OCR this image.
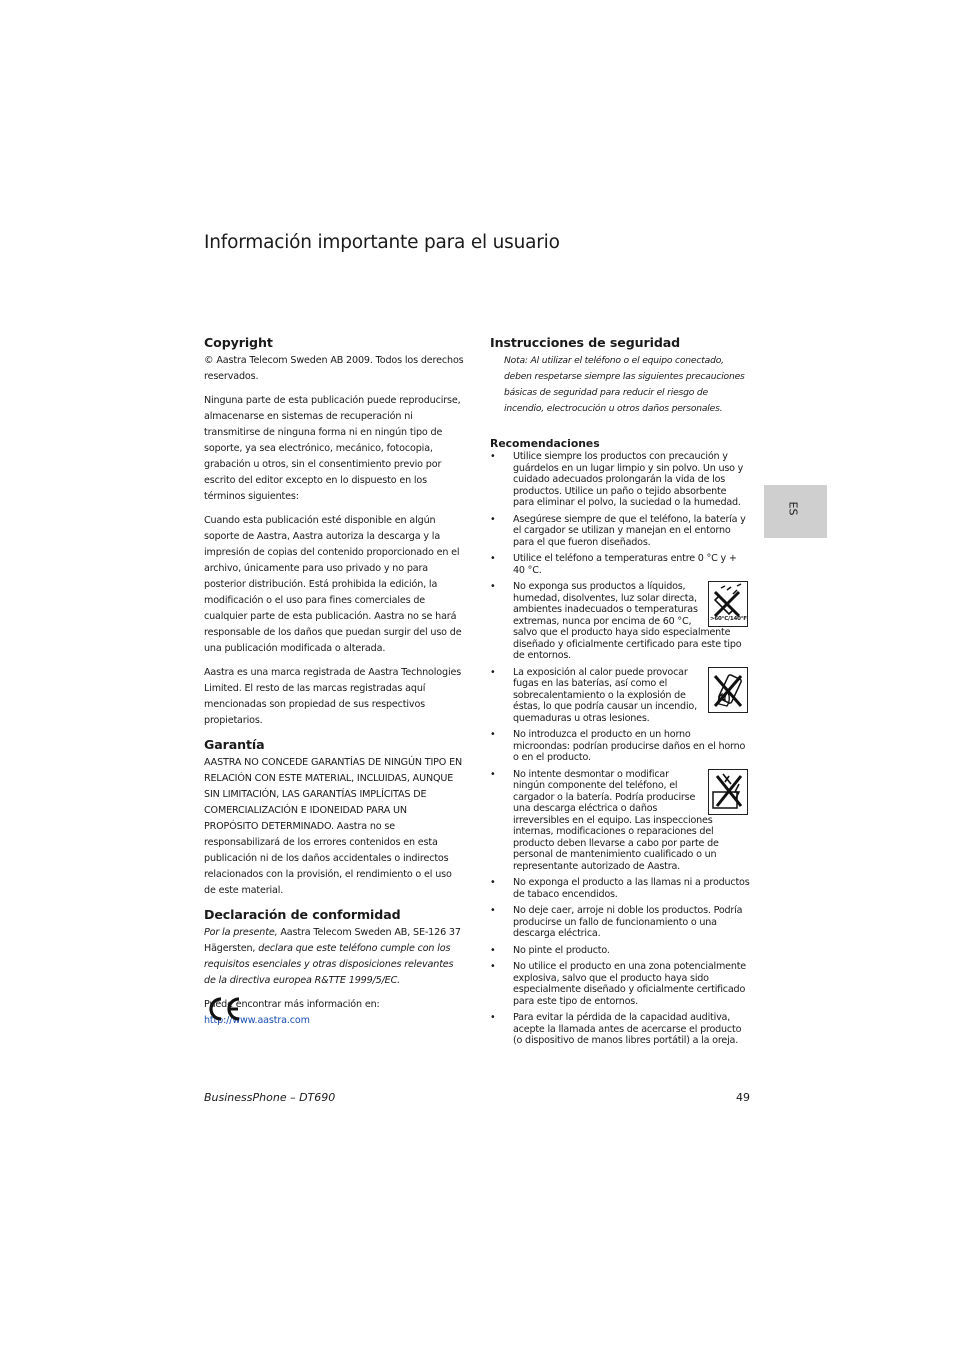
Información importante para el usuario
ES
Copyright

© Aastra Telecom Sweden AB 2009. Todos los derechos reservados.

Ninguna parte de esta publicación puede reproducirse, almacenarse en sistemas de recuperación ni transmitirse de ninguna forma ni en ningún tipo de soporte, ya sea electrónico, mecánico, fotocopia, grabación u otros, sin el consentimiento previo por escrito del editor excepto en lo dispuesto en los términos siguientes:

Cuando esta publicación esté disponible en algún soporte de Aastra, Aastra autoriza la descarga y la impresión de copias del contenido proporcionado en el archivo, únicamente para uso privado y no para posterior distribución. Está prohibida la edición, la modificación o el uso para fines comerciales de cualquier parte de esta publicación. Aastra no se hará responsable de los daños que puedan surgir del uso de una publicación modificada o alterada.

Aastra es una marca registrada de Aastra Technologies Limited. El resto de las marcas registradas aquí mencionadas son propiedad de sus respectivos propietarios.

Garantía

AASTRA NO CONCEDE GARANTÍAS DE NINGÚN TIPO EN RELACIÓN CON ESTE MATERIAL, INCLUIDAS, AUNQUE SIN LIMITACIÓN, LAS GARANTÍAS IMPLÍCITAS DE COMERCIALIZACIÓN E IDONEIDAD PARA UN PROPÓSITO DETERMINADO. Aastra no se responsabilizará de los errores contenidos en esta publicación ni de los daños accidentales o indirectos relacionados con la provisión, el rendimiento o el uso de este material.

Declaración de conformidad

Por la presente, Aastra Telecom Sweden AB, SE-126 37 Hägersten, declara que este teléfono cumple con los requisitos esenciales y otras disposiciones relevantes de la directiva europea R&TTE 1999/5/EC.

Puede encontrar más información en:
http://www.aastra.com

Instrucciones de seguridad

Nota: Al utilizar el teléfono o el equipo conectado, deben respetarse siempre las siguientes precauciones básicas de seguridad para reducir el riesgo de incendio, electrocución u otros daños personales.

Recomendaciones
• Utilice siempre los productos con precaución y guárdelos en un lugar limpio y sin polvo. Un uso y cuidado adecuados prolongarán la vida de los productos. Utilice un paño o tejido absorbente para eliminar el polvo, la suciedad o la humedad.
• Asegúrese siempre de que el teléfono, la batería y el cargador se utilizan y manejan en el entorno para el que fueron diseñados.
• Utilice el teléfono a temperaturas entre 0 °C y + 40 °C.
• >60°C/140°F
No exponga sus productos a líquidos, humedad, disolventes, luz solar directa, ambientes inadecuados o temperaturas extremas, nunca por encima de 60 °C, salvo que el producto haya sido especialmente diseñado y oficialmente certificado para este tipo de entornos.
• La exposición al calor puede provocar fugas en las baterías, así como el sobrecalentamiento o la explosión de éstas, lo que podría causar un incendio, quemaduras u otras lesiones.
• No introduzca el producto en un horno microondas: podrían producirse daños en el horno o en el producto.
• No intente desmontar o modificar ningún componente del teléfono, el cargador o la batería. Podría producirse una descarga eléctrica o daños irreversibles en el equipo. Las inspecciones internas, modificaciones o reparaciones del producto deben llevarse a cabo por parte de personal de mantenimiento cualificado o un representante autorizado de Aastra.
• No exponga el producto a las llamas ni a productos de tabaco encendidos.
• No deje caer, arroje ni doble los productos. Podría producirse un fallo de funcionamiento o una descarga eléctrica.
• No pinte el producto.
• No utilice el producto en una zona potencialmente explosiva, salvo que el producto haya sido especialmente diseñado y oficialmente certificado para este tipo de entornos.
• Para evitar la pérdida de la capacidad auditiva, acepte la llamada antes de acercarse el producto (o dispositivo de manos libres portátil) a la oreja.
BusinessPhone – DT690	49
